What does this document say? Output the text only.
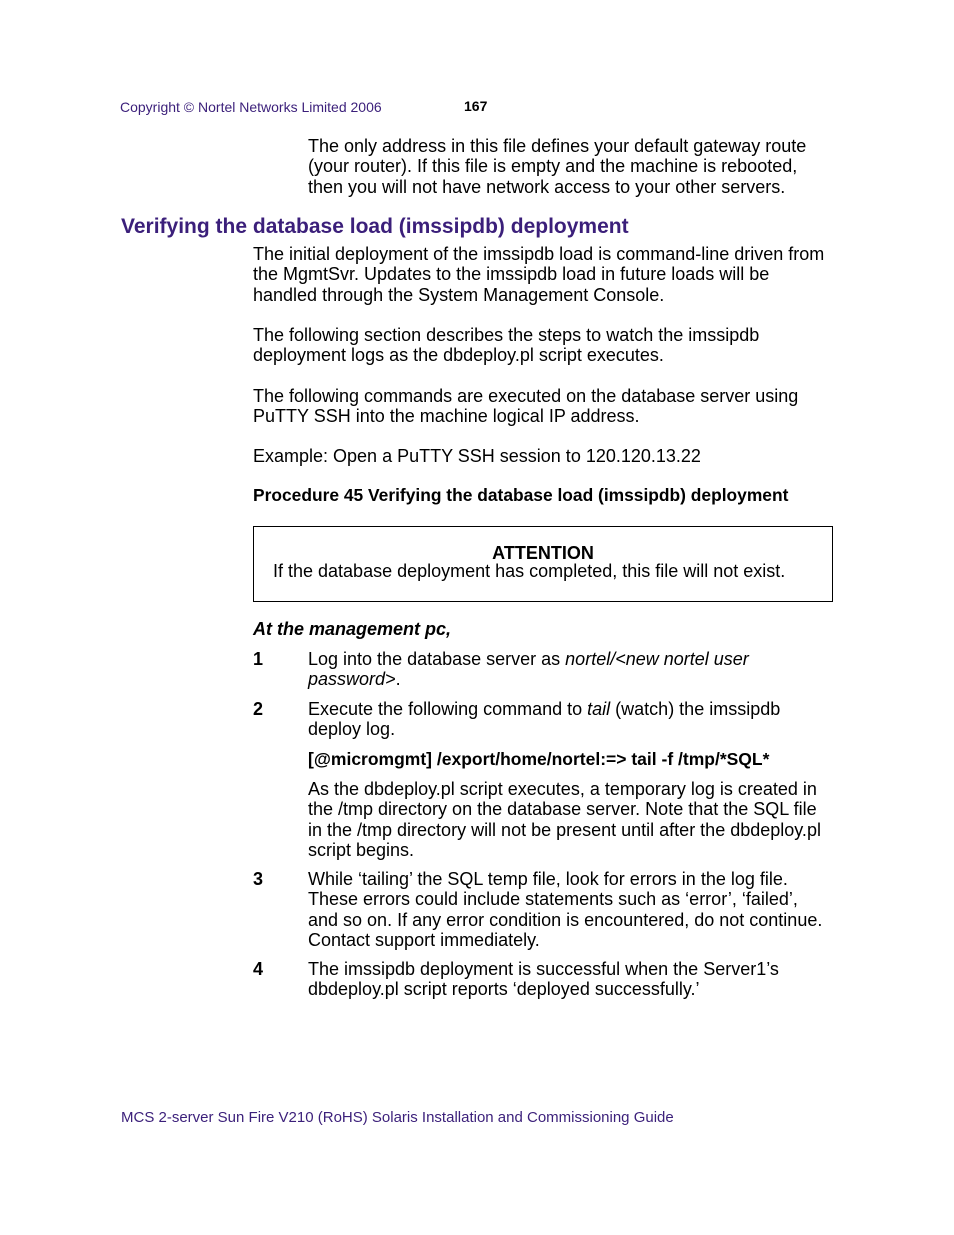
Copyright © Nortel Networks Limited 2006	167
The only address in this file defines your default gateway route
(your router). If this file is empty and the machine is rebooted,
then you will not have network access to your other servers.
Verifying the database load (imssipdb) deployment
The initial deployment of the imssipdb load is command-line driven from
the MgmtSvr. Updates to the imssipdb load in future loads will be
handled through the System Management Console.
The following section describes the steps to watch the imssipdb
deployment logs as the dbdeploy.pl script executes.
The following commands are executed on the database server using
PuTTY SSH into the machine logical IP address.
Example: Open a PuTTY SSH session to 120.120.13.22
Procedure 45 Verifying the database load (imssipdb) deployment
ATTENTION
If the database deployment has completed, this file will not exist.
At the management pc,
1 Log into the database server as nortel/<new nortel user
password>.
2 Execute the following command to tail (watch) the imssipdb
deploy log.
[@micromgmt] /export/home/nortel:=> tail -f /tmp/*SQL*
As the dbdeploy.pl script executes, a temporary log is created in
the /tmp directory on the database server. Note that the SQL file
in the /tmp directory will not be present until after the dbdeploy.pl
script begins.
3 While ‘tailing’ the SQL temp file, look for errors in the log file.
These errors could include statements such as ‘error’, ‘failed’,
and so on. If any error condition is encountered, do not continue.
Contact support immediately.
4 The imssipdb deployment is successful when the Server1’s
dbdeploy.pl script reports ‘deployed successfully.’
MCS 2-server Sun Fire V210 (RoHS) Solaris Installation and Commissioning Guide
